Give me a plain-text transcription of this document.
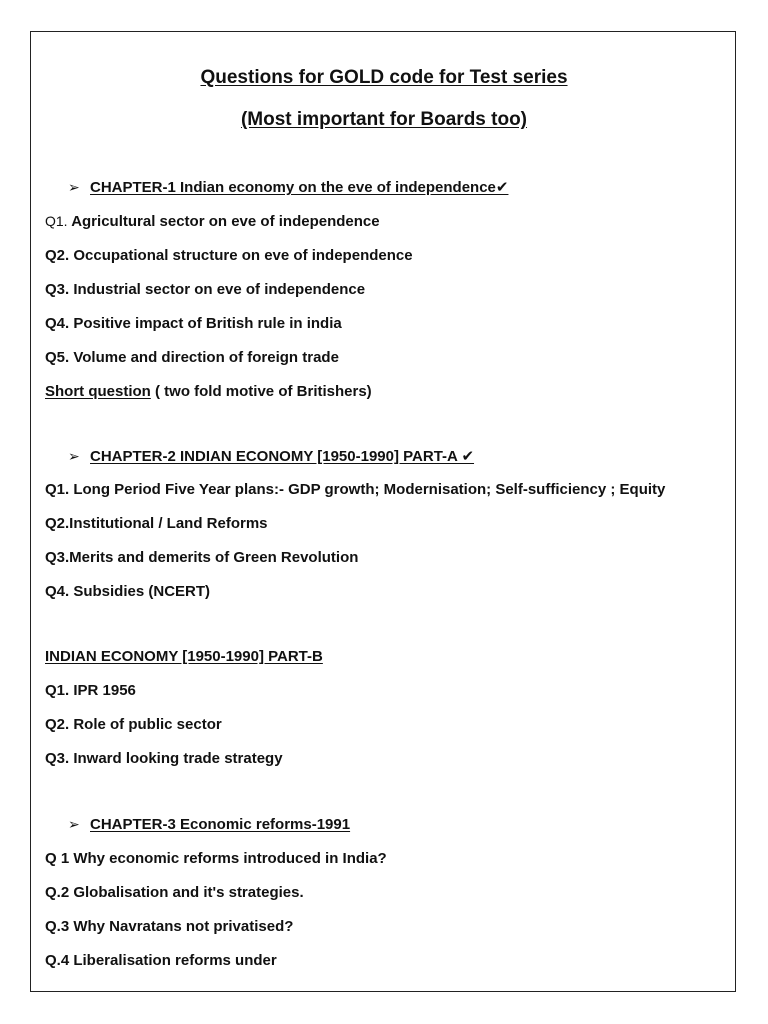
Questions for GOLD code for Test series
(Most important for Boards too)
➢ CHAPTER-1 Indian economy on the eve of independence✔
Q1. Agricultural sector on eve of independence
Q2. Occupational structure on eve of independence
Q3. Industrial sector on eve of independence
Q4. Positive impact of British rule in india
Q5. Volume and direction of foreign trade
Short question ( two fold motive of Britishers)
➢ CHAPTER-2 INDIAN ECONOMY [1950-1990] PART-A ✔
Q1. Long Period Five Year plans:- GDP growth; Modernisation; Self-sufficiency ; Equity
Q2.Institutional / Land Reforms
Q3.Merits and demerits of Green Revolution
Q4. Subsidies (NCERT)
INDIAN ECONOMY [1950-1990] PART-B
Q1. IPR 1956
Q2. Role of public sector
Q3. Inward looking trade strategy
➢ CHAPTER-3 Economic reforms-1991
Q 1 Why economic reforms introduced in India?
Q.2 Globalisation and it's strategies.
Q.3 Why Navratans not privatised?
Q.4 Liberalisation reforms under
